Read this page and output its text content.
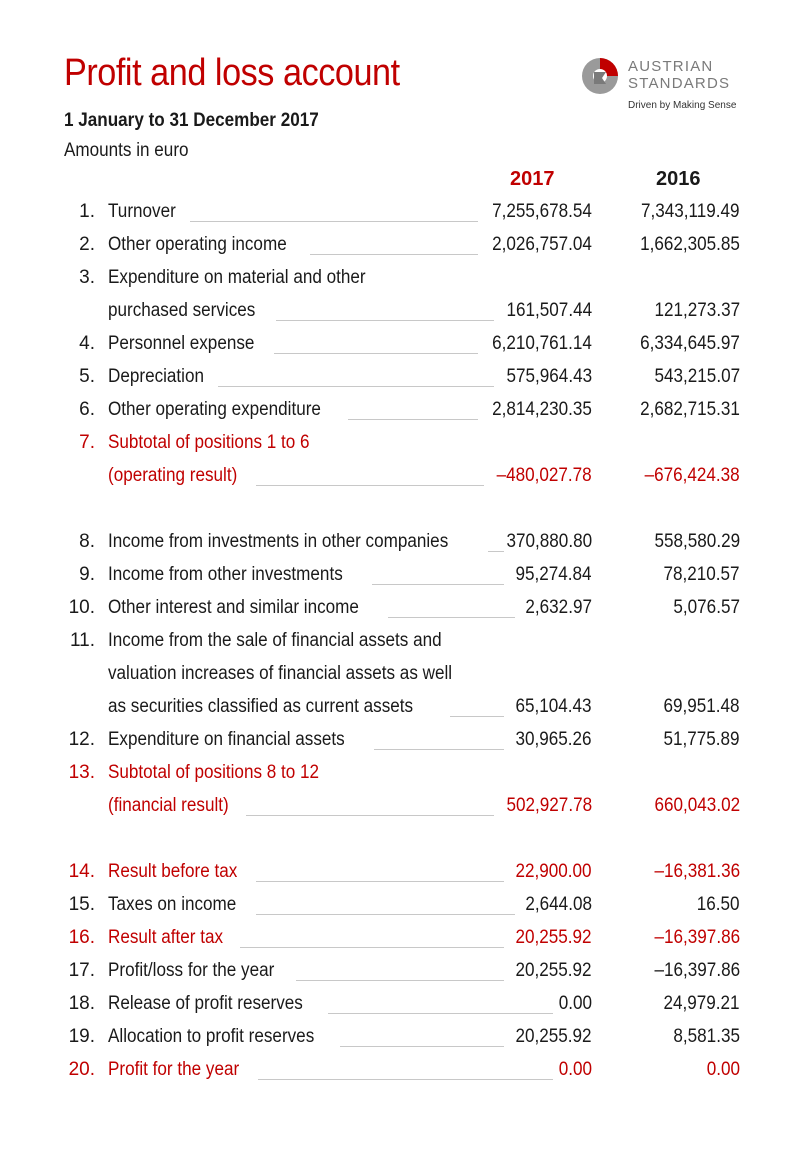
Profit and loss account
1 January to 31 December 2017
Amounts in euro
AUSTRIAN
STANDARDS
Driven by Making Sense
2017	2016
1. Turnover	7,255,678.54	7,343,119.49
2. Other operating income	2,026,757.04	1,662,305.85
3. Expenditure on material and other
purchased services	161,507.44	121,273.37
4. Personnel expense	6,210,761.14	6,334,645.97
5. Depreciation	575,964.43	543,215.07
6. Other operating expenditure	2,814,230.35	2,682,715.31
7. Subtotal of positions 1 to 6
(operating result)	–480,027.78	–676,424.38
8. Income from investments in other companies	370,880.80	558,580.29
9. Income from other investments	95,274.84	78,210.57
10. Other interest and similar income	2,632.97	5,076.57
11. Income from the sale of financial assets and
valuation increases of financial assets as well
as securities classified as current assets	65,104.43	69,951.48
12. Expenditure on financial assets	30,965.26	51,775.89
13. Subtotal of positions 8 to 12
(financial result)	502,927.78	660,043.02
14. Result before tax	22,900.00	–16,381.36
15. Taxes on income	2,644.08	16.50
16. Result after tax	20,255.92	–16,397.86
17. Profit/loss for the year	20,255.92	–16,397.86
18. Release of profit reserves	0.00	24,979.21
19. Allocation to profit reserves	20,255.92	8,581.35
20. Profit for the year	0.00	0.00
